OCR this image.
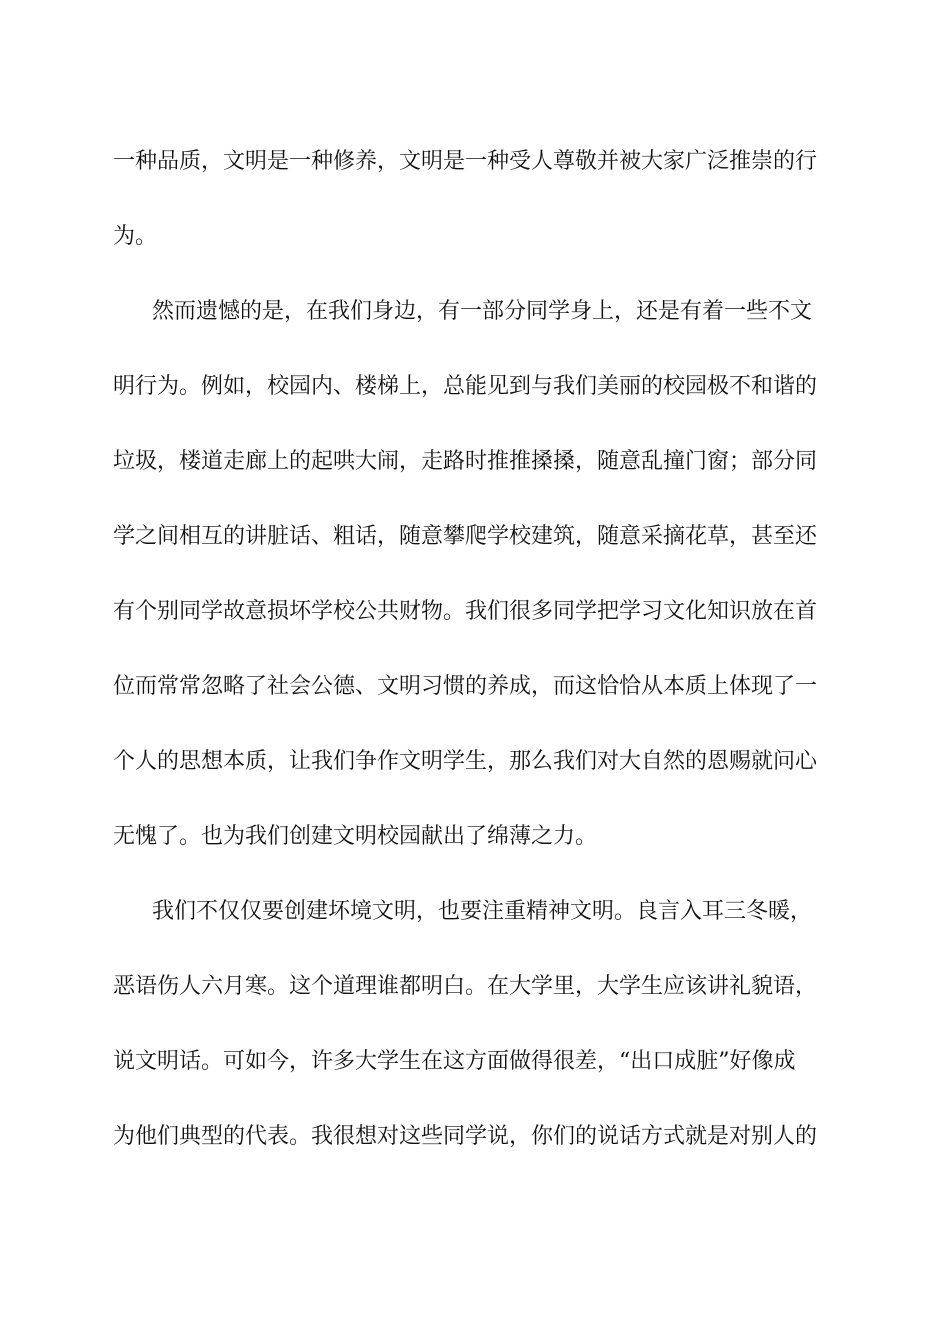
一种品质，文明是一种修养，文明是一种受人尊敬并被大家广泛推崇的行
为。
然而遗憾的是，在我们身边，有一部分同学身上，还是有着一些不文
明行为。例如，校园内、楼梯上，总能见到与我们美丽的校园极不和谐的
垃圾，楼道走廊上的起哄大闹，走路时推推搡搡，随意乱撞门窗；部分同
学之间相互的讲脏话、粗话，随意攀爬学校建筑，随意采摘花草，甚至还
有个别同学故意损坏学校公共财物。我们很多同学把学习文化知识放在首
位而常常忽略了社会公德、文明习惯的养成，而这恰恰从本质上体现了一
个人的思想本质，让我们争作文明学生，那么我们对大自然的恩赐就问心
无愧了。也为我们创建文明校园献出了绵薄之力。
我们不仅仅要创建坏境文明，也要注重精神文明。良言入耳三冬暖，
恶语伤人六月寒。这个道理谁都明白。在大学里，大学生应该讲礼貌语，
说文明话。可如今，许多大学生在这方面做得很差，“出口成脏”好像成
为他们典型的代表。我很想对这些同学说，你们的说话方式就是对别人的
